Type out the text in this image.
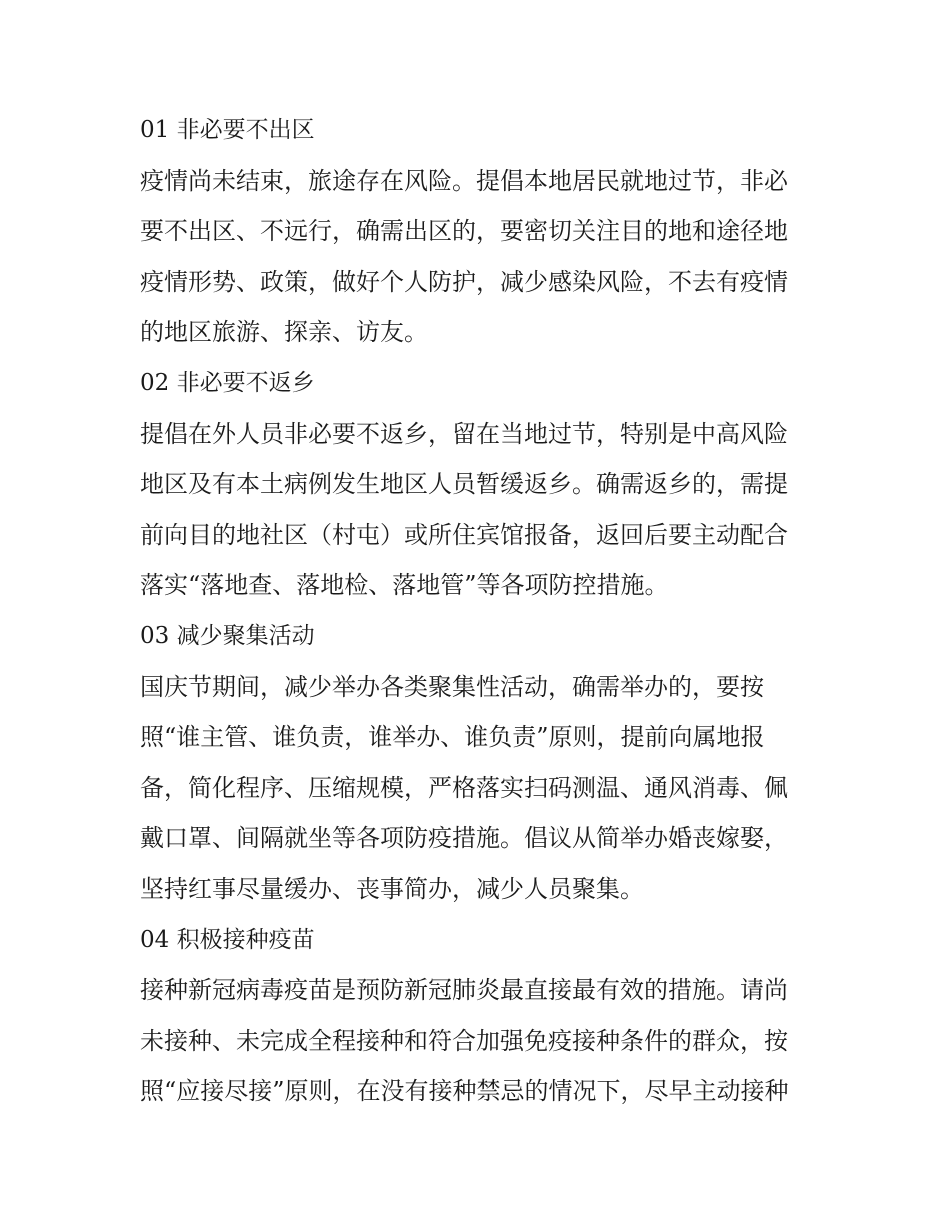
01 非必要不出区
疫情尚未结束，旅途存在风险。提倡本地居民就地过节，非必
要不出区、不远行，确需出区的，要密切关注目的地和途径地
疫情形势、政策，做好个人防护，减少感染风险，不去有疫情
的地区旅游、探亲、访友。
02 非必要不返乡
提倡在外人员非必要不返乡，留在当地过节，特别是中高风险
地区及有本土病例发生地区人员暂缓返乡。确需返乡的，需提
前向目的地社区（村屯）或所住宾馆报备，返回后要主动配合
落实“落地查、落地检、落地管”等各项防控措施。
03 减少聚集活动
国庆节期间，减少举办各类聚集性活动，确需举办的，要按
照“谁主管、谁负责，谁举办、谁负责”原则，提前向属地报
备，简化程序、压缩规模，严格落实扫码测温、通风消毒、佩
戴口罩、间隔就坐等各项防疫措施。倡议从简举办婚丧嫁娶，
坚持红事尽量缓办、丧事简办，减少人员聚集。
04 积极接种疫苗
接种新冠病毒疫苗是预防新冠肺炎最直接最有效的措施。请尚
未接种、未完成全程接种和符合加强免疫接种条件的群众，按
照“应接尽接”原则，在没有接种禁忌的情况下，尽早主动接种
